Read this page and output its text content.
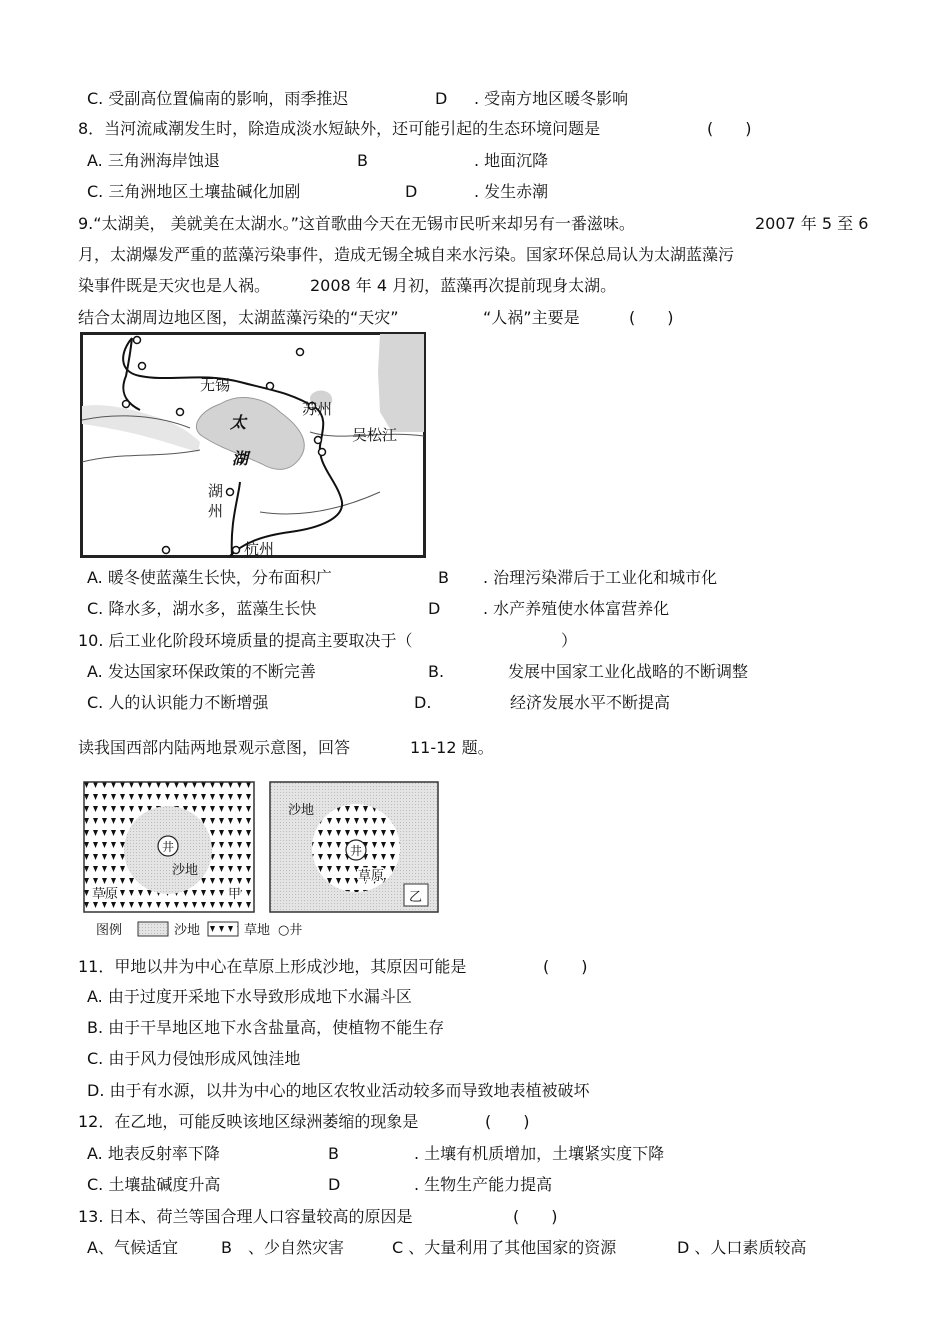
C. 受副高位置偏南的影响，雨季推迟	D . 受南方地区暖冬影响
8．当河流咸潮发生时，除造成淡水短缺外，还可能引起的生态环境问题是	(　　)
A. 三角洲海岸蚀退	B	. 地面沉降
C. 三角洲地区土壤盐碱化加剧	D	. 发生赤潮
9.“太湖美， 美就美在太湖水。”这首歌曲今天在无锡市民听来却另有一番滋味。	2007 年 5 至 6
月，太湖爆发严重的蓝藻污染事件，造成无锡全城自来水污染。国家环保总局认为太湖蓝藻污
染事件既是天灾也是人祸。 2008 年 4 月初，蓝藻再次提前现身太湖。
结合太湖周边地区图，太湖蓝藻污染的“天灾”	“人祸”主要是	(　　)
无锡
苏州
吴松江
太
湖
湖
州
杭州
A. 暖冬使蓝藻生长快，分布面积广	B . 治理污染滞后于工业化和城市化
C. 降水多，湖水多，蓝藻生长快	D	. 水产养殖使水体富营养化
10. 后工业化阶段环境质量的提高主要取决于（	）
A. 发达国家环保政策的不断完善	B.	发展中国家工业化战略的不断调整
C. 人的认识能力不断增强	D.	经济发展水平不断提高
读我国西部内陆两地景观示意图，回答	11-12 题。
井
沙地
草原	甲
井
沙地
草原
乙
图例	沙地	草地 ○井
11．甲地以井为中心在草原上形成沙地，其原因可能是	(　　)
A. 由于过度开采地下水导致形成地下水漏斗区
B. 由于干旱地区地下水含盐量高，使植物不能生存
C. 由于风力侵蚀形成风蚀洼地
D. 由于有水源，以井为中心的地区农牧业活动较多而导致地表植被破坏
12．在乙地，可能反映该地区绿洲萎缩的现象是	(　　)
A. 地表反射率下降	B	. 土壤有机质增加，土壤紧实度下降
C. 土壤盐碱度升高	D	. 生物生产能力提高
13. 日本、荷兰等国合理人口容量较高的原因是	(　　)
A、气候适宜	B　、少自然灾害	C 、大量利用了其他国家的资源	D 、人口素质较高
